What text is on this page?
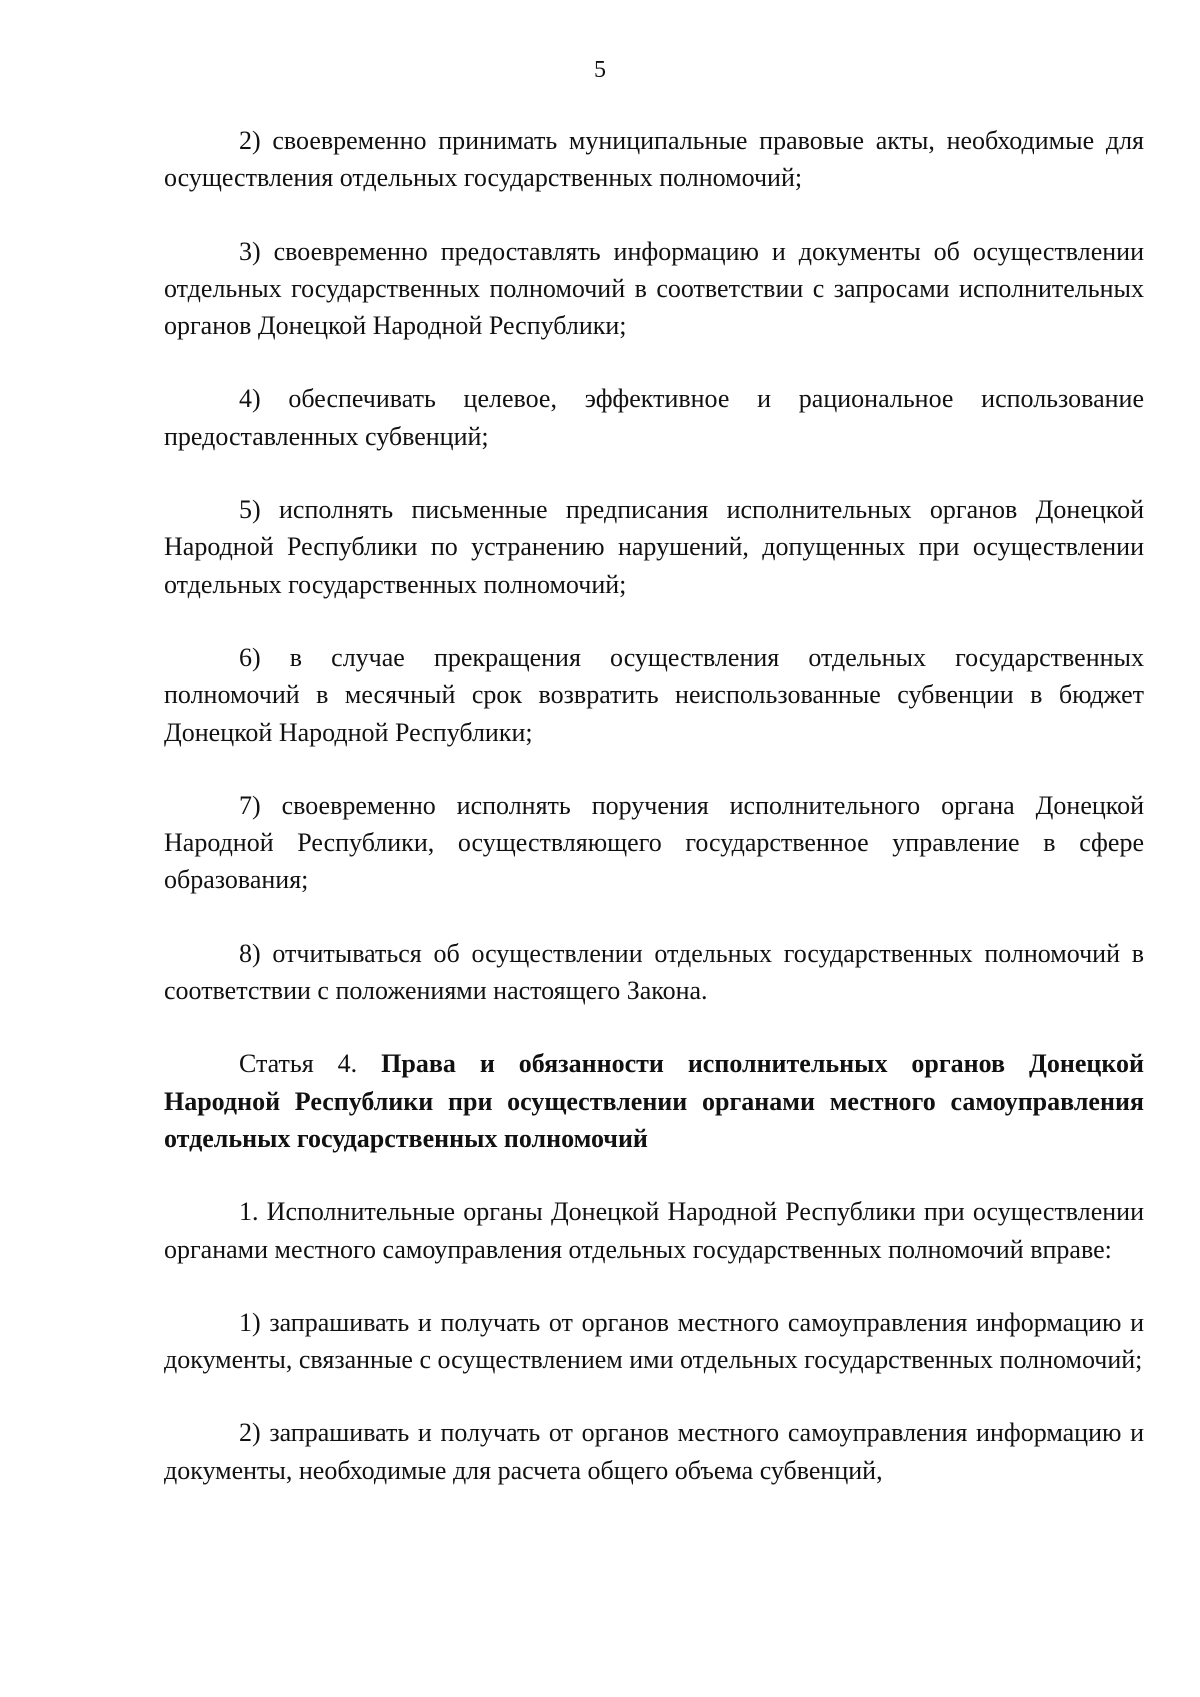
5

2) своевременно принимать муниципальные правовые акты, необходимые для осуществления отдельных государственных полномочий;

3) своевременно предоставлять информацию и документы об осуществлении отдельных государственных полномочий в соответствии с запросами исполнительных органов Донецкой Народной Республики;

4) обеспечивать целевое, эффективное и рациональное использование предоставленных субвенций;

5) исполнять письменные предписания исполнительных органов Донецкой Народной Республики по устранению нарушений, допущенных при осуществлении отдельных государственных полномочий;

6) в случае прекращения осуществления отдельных государственных полномочий в месячный срок возвратить неиспользованные субвенции в бюджет Донецкой Народной Республики;

7) своевременно исполнять поручения исполнительного органа Донецкой Народной Республики, осуществляющего государственное управление в сфере образования;

8) отчитываться об осуществлении отдельных государственных полномочий в соответствии с положениями настоящего Закона.

Статья 4. Права и обязанности исполнительных органов Донецкой Народной Республики при осуществлении органами местного самоуправления отдельных государственных полномочий

1. Исполнительные органы Донецкой Народной Республики при осуществлении органами местного самоуправления отдельных государственных полномочий вправе:

1) запрашивать и получать от органов местного самоуправления информацию и документы, связанные с осуществлением ими отдельных государственных полномочий;

2) запрашивать и получать от органов местного самоуправления информацию и документы, необходимые для расчета общего объема субвенций,
